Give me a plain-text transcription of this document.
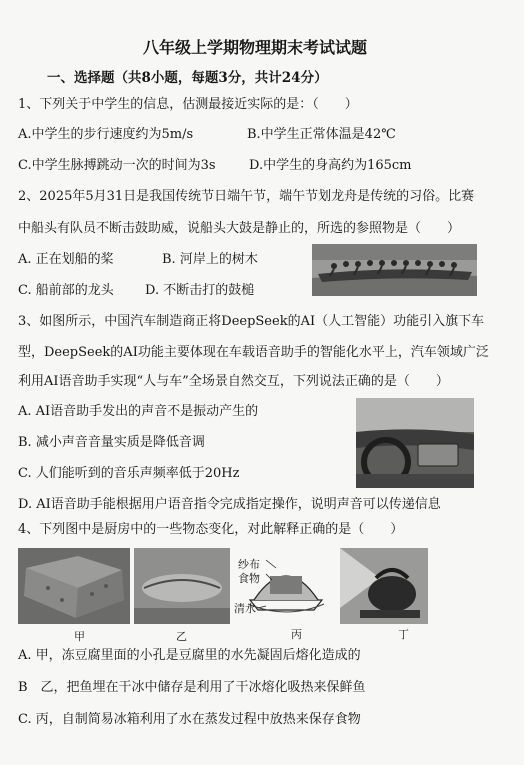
八年级上学期物理期末考试试题
一、选择题（共8小题，每题3分，共计24分）
1、下列关于中学生的信息，估测最接近实际的是：（　　）
A.中学生的步行速度约为5m/s	B.中学生正常体温是42℃
C.中学生脉搏跳动一次的时间为3s	D.中学生的身高约为165cm
2、2025年5月31日是我国传统节日端午节，端午节划龙舟是传统的习俗。比赛
中船头有队员不断击鼓助威，说船头大鼓是静止的，所选的参照物是（　　）
A. 正在划船的桨	B. 河岸上的树木
C. 船前部的龙头 D. 不断击打的鼓槌
3、如图所示，中国汽车制造商正将DeepSeek的AI（人工智能）功能引入旗下车
型，DeepSeek的AI功能主要体现在车载语音助手的智能化水平上，汽车领域广泛
利用AI语音助手实现“人与车”全场景自然交互，下列说法正确的是（　　）
A. AI语音助手发出的声音不是振动产生的
B. 减小声音音量实质是降低音调
C. 人们能听到的音乐声频率低于20Hz
D. AI语音助手能根据用户语音指令完成指定操作，说明声音可以传递信息
4、下列图中是厨房中的一些物态变化，对此解释正确的是（　　）
纱布
食物
清水
甲	乙	丙	丁
A. 甲，冻豆腐里面的小孔是豆腐里的水先凝固后熔化造成的
B　乙，把鱼埋在干冰中储存是利用了干冰熔化吸热来保鲜鱼
C. 丙，自制简易冰箱利用了水在蒸发过程中放热来保存食物
